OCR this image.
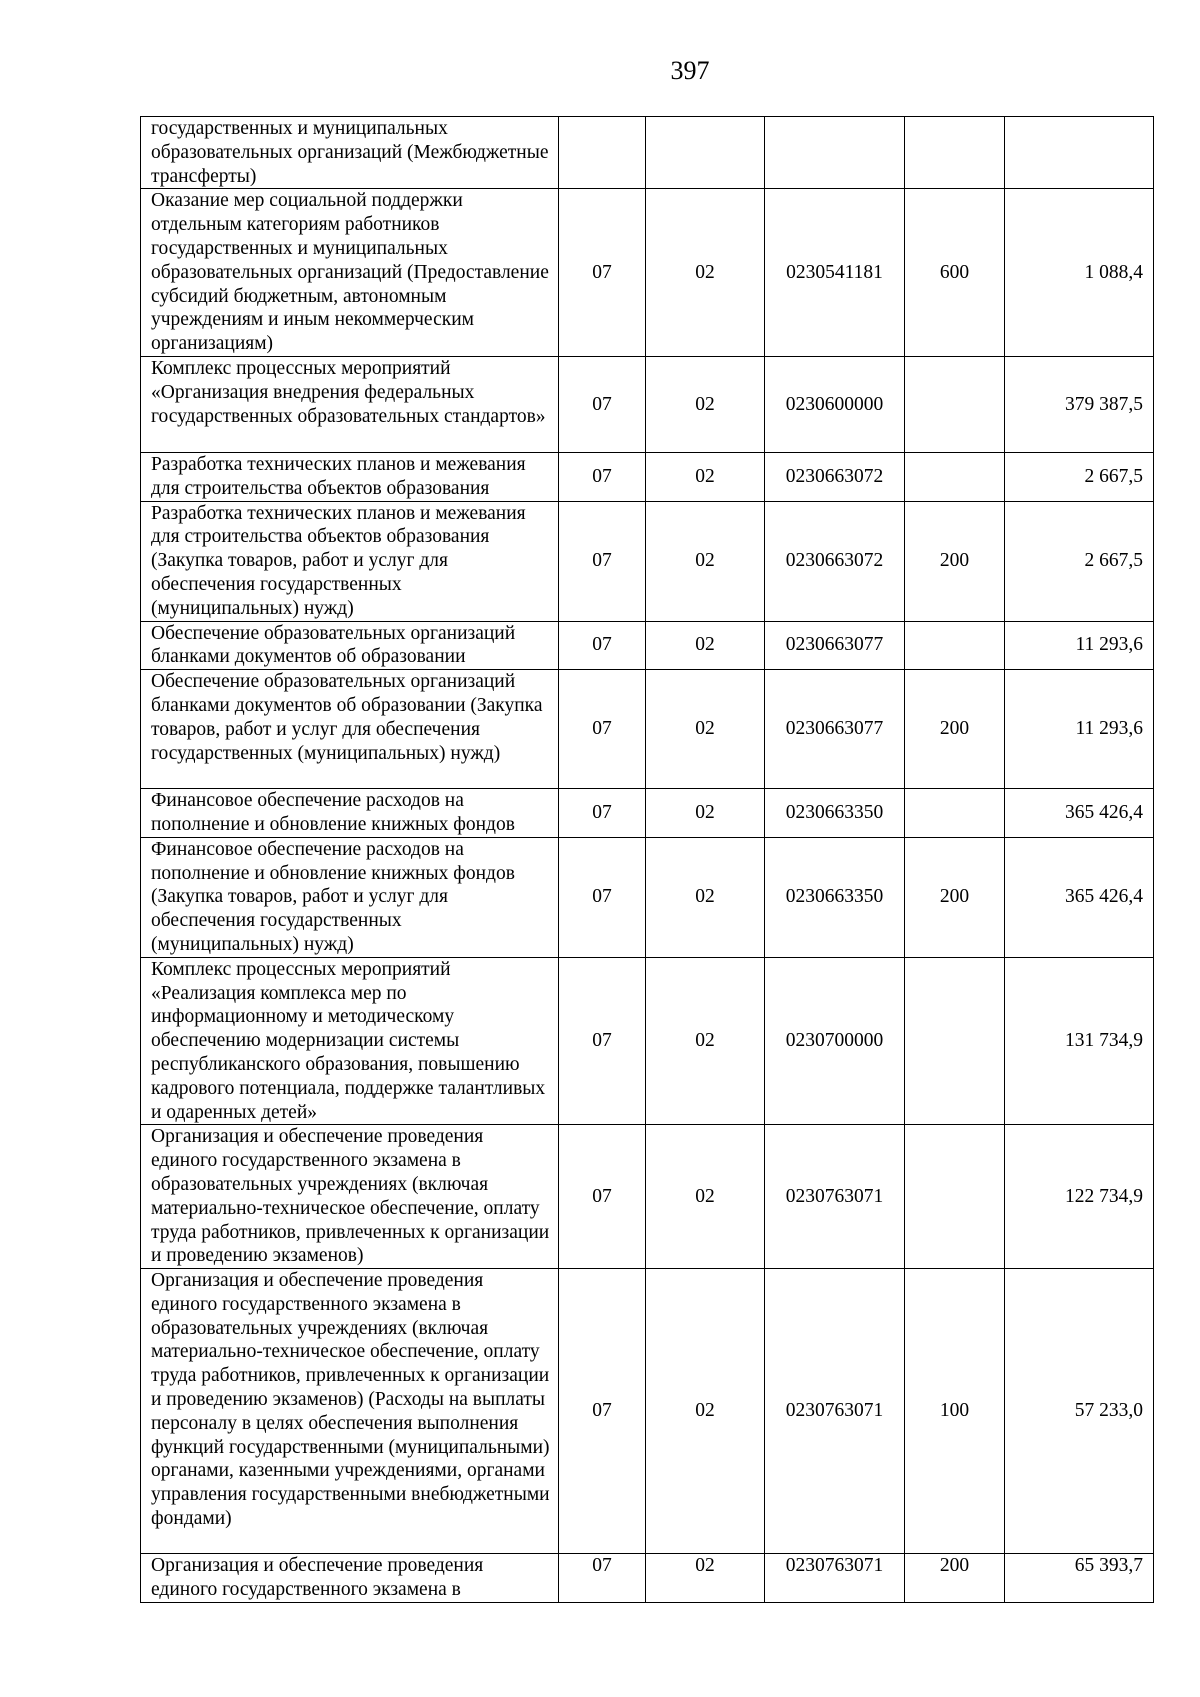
397
государственных и муниципальных образовательных организаций (Межбюджетные трансферты)					
Оказание мер социальной поддержки отдельным категориям работников государственных и муниципальных образовательных организаций (Предоставление субсидий бюджетным, автономным учреждениям и иным некоммерческим организациям)	07	02	0230541181	600	1 088,4
Комплекс процессных мероприятий «Организация внедрения федеральных государственных образовательных стандартов»	07	02	0230600000		379 387,5
Разработка технических планов и межевания для строительства объектов образования	07	02	0230663072		2 667,5
Разработка технических планов и межевания для строительства объектов образования (Закупка товаров, работ и услуг для обеспечения государственных (муниципальных) нужд)	07	02	0230663072	200	2 667,5
Обеспечение образовательных организаций бланками документов об образовании	07	02	0230663077		11 293,6
Обеспечение образовательных организаций бланками документов об образовании (Закупка товаров, работ и услуг для обеспечения государственных (муниципальных) нужд)	07	02	0230663077	200	11 293,6
Финансовое обеспечение расходов на пополнение и обновление книжных фондов	07	02	0230663350		365 426,4
Финансовое обеспечение расходов на пополнение и обновление книжных фондов (Закупка товаров, работ и услуг для обеспечения государственных (муниципальных) нужд)	07	02	0230663350	200	365 426,4
Комплекс процессных мероприятий «Реализация комплекса мер по информационному и методическому обеспечению модернизации системы республиканского образования, повышению кадрового потенциала, поддержке талантливых и одаренных детей»	07	02	0230700000		131 734,9
Организация и обеспечение проведения единого государственного экзамена в образовательных учреждениях (включая материально-техническое обеспечение, оплату труда работников, привлеченных к организации и проведению экзаменов)	07	02	0230763071		122 734,9
Организация и обеспечение проведения единого государственного экзамена в образовательных учреждениях (включая материально-техническое обеспечение, оплату труда работников, привлеченных к организации и проведению экзаменов) (Расходы на выплаты персоналу в целях обеспечения выполнения функций государственными (муниципальными) органами, казенными учреждениями, органами управления государственными внебюджетными фондами)	07	02	0230763071	100	57 233,0
Организация и обеспечение проведения единого государственного экзамена в	07	02	0230763071	200	65 393,7
